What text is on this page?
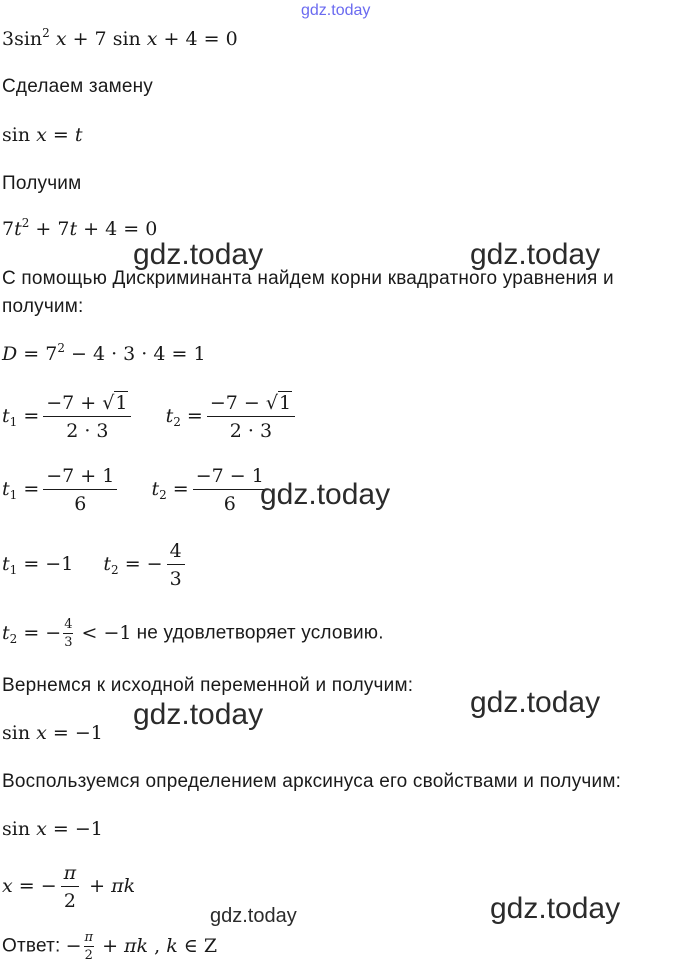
gdz.today
$3\sin^2$ x + 7 sin x + 4 = 0
Сделаем замену
sin x = t
Получим
$7t^2 + 7t + 4 = 0$
gdz.today	gdz.today
С помощью Дискриминанта найдем корни квадратного уравнения и
получим:
$D = 7^2 - 4 \cdot 3 \cdot 4 = 1$
$t_1 = \frac{-7 + √1}{2 \cdot 3} t_2 = \frac{-7 - √1}{2 \cdot 3}$
$t_1 = \frac{-7 + 1}{6} t_2 = \frac{-7 - 1}{6}$
gdz.today
$t_1 = -1$  $t_2$ = − $\frac{4}{3}$
$t_2$ = − $\frac{4}{3} < -1$ не удовлетворяет условию.
Вернемся к исходной переменной и получим:
gdz.today
gdz.today
sin x = −1
Воспользуемся определением арксинуса его свойствами и получим:
sin x = −1
x = − $\frac{\pi}{2} + \pi k$
gdz.today
gdz.today
Ответ: − $\frac{\pi}{2} + \pi k$ , k ∈ Z
